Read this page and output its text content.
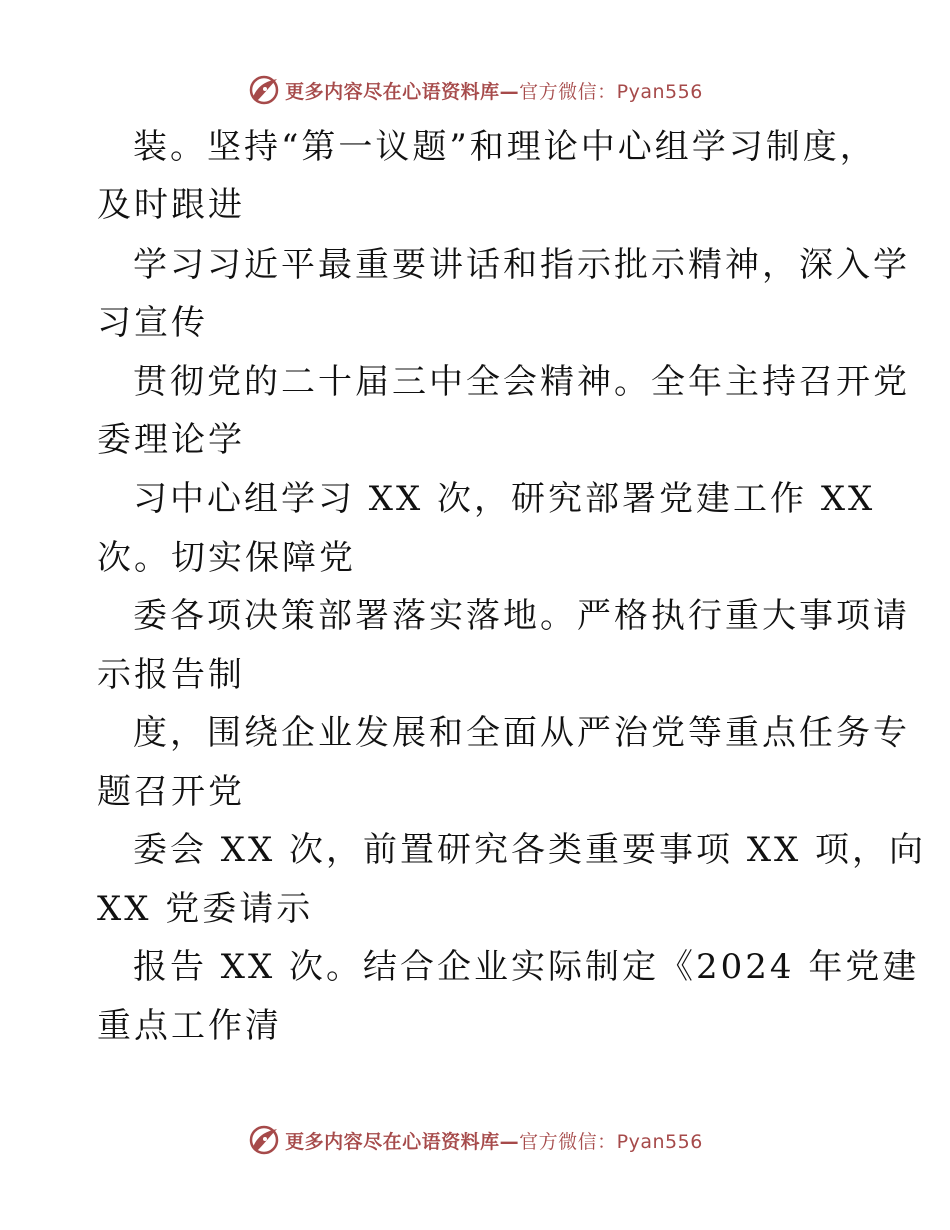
更多内容尽在心语资料库—官方微信：Pyan556

装。坚持“第一议题”和理论中心组学习制度，

及时跟进

学习习近平最重要讲话和指示批示精神，深入学

习宣传

贯彻党的二十届三中全会精神。全年主持召开党

委理论学

习中心组学习 XX 次，研究部署党建工作 XX

次。切实保障党

委各项决策部署落实落地。严格执行重大事项请

示报告制

度，围绕企业发展和全面从严治党等重点任务专

题召开党

委会 XX 次，前置研究各类重要事项 XX 项，向

XX 党委请示

报告 XX 次。结合企业实际制定《2024 年党建

重点工作清

更多内容尽在心语资料库—官方微信：Pyan556
